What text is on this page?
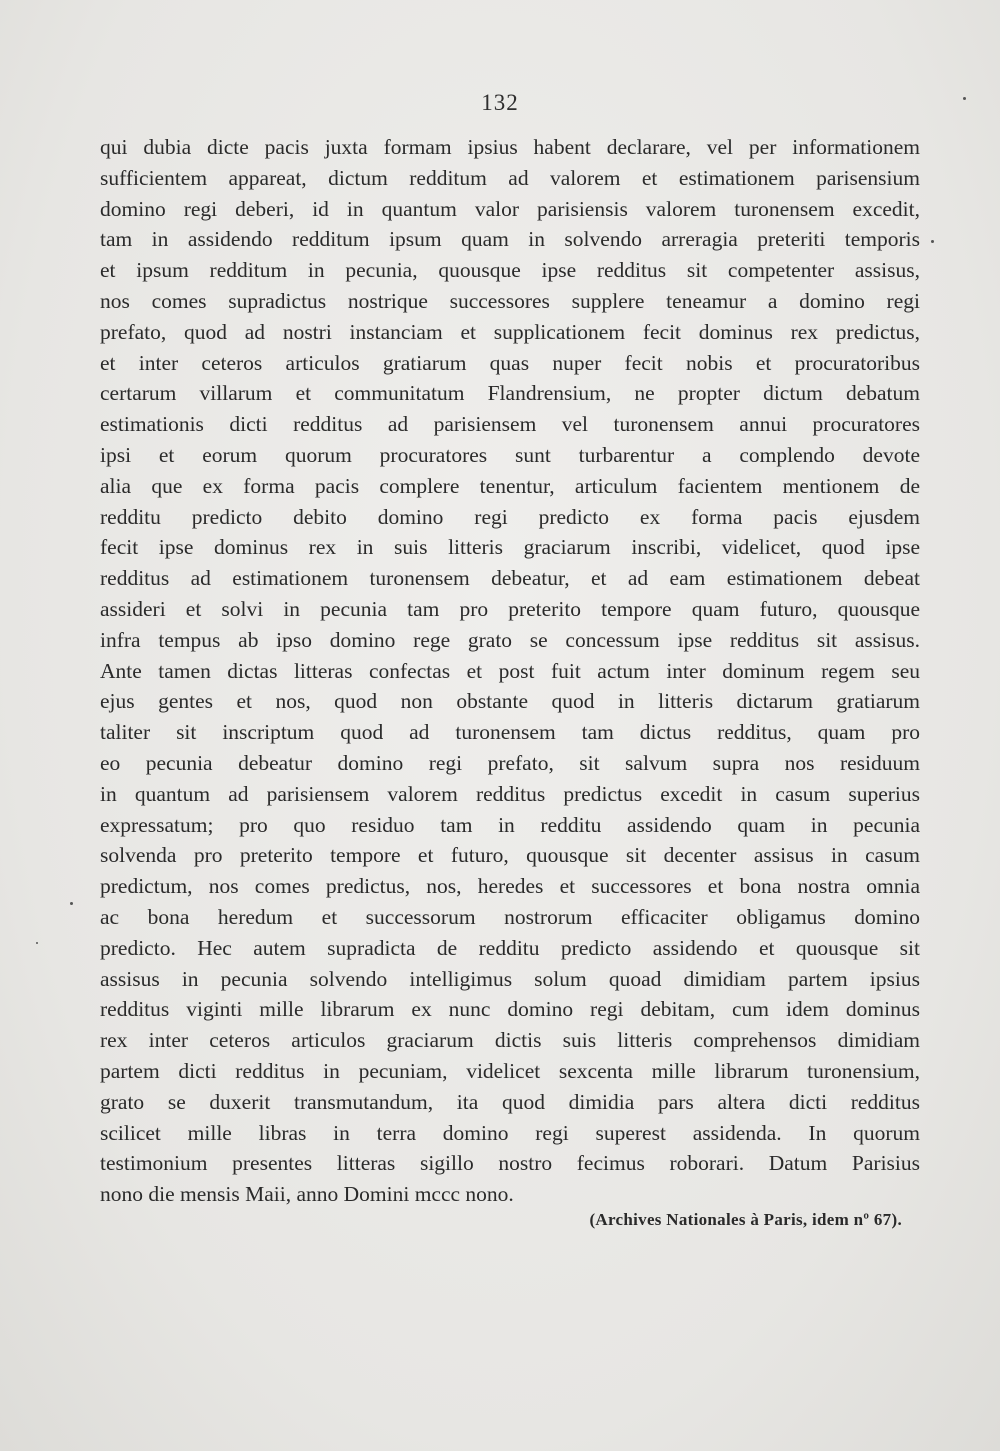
132
qui dubia dicte pacis juxta formam ipsius habent declarare, vel per informationem
sufficientem appareat, dictum redditum ad valorem et estimationem parisensium
domino regi deberi, id in quantum valor parisiensis valorem turonensem excedit,
tam in assidendo redditum ipsum quam in solvendo arreragia preteriti temporis
et ipsum redditum in pecunia, quousque ipse redditus sit competenter assisus,
nos comes supradictus nostrique successores supplere teneamur a domino regi
prefato, quod ad nostri instanciam et supplicationem fecit dominus rex predictus,
et inter ceteros articulos gratiarum quas nuper fecit nobis et procuratoribus
certarum villarum et communitatum Flandrensium, ne propter dictum debatum
estimationis dicti redditus ad parisiensem vel turonensem annui procuratores
ipsi et eorum quorum procuratores sunt turbarentur a complendo devote
alia que ex forma pacis complere tenentur, articulum facientem mentionem de
redditu predicto debito domino regi predicto ex forma pacis ejusdem
fecit ipse dominus rex in suis litteris graciarum inscribi, videlicet, quod ipse
redditus ad estimationem turonensem debeatur, et ad eam estimationem debeat
assideri et solvi in pecunia tam pro preterito tempore quam futuro, quousque
infra tempus ab ipso domino rege grato se concessum ipse redditus sit assisus.
Ante tamen dictas litteras confectas et post fuit actum inter dominum regem seu
ejus gentes et nos, quod non obstante quod in litteris dictarum gratiarum
taliter sit inscriptum quod ad turonensem tam dictus redditus, quam pro
eo pecunia debeatur domino regi prefato, sit salvum supra nos residuum
in quantum ad parisiensem valorem redditus predictus excedit in casum superius
expressatum; pro quo residuo tam in redditu assidendo quam in pecunia
solvenda pro preterito tempore et futuro, quousque sit decenter assisus in casum
predictum, nos comes predictus, nos, heredes et successores et bona nostra omnia
ac bona heredum et successorum nostrorum efficaciter obligamus domino
predicto. Hec autem supradicta de redditu predicto assidendo et quousque sit
assisus in pecunia solvendo intelligimus solum quoad dimidiam partem ipsius
redditus viginti mille librarum ex nunc domino regi debitam, cum idem dominus
rex inter ceteros articulos graciarum dictis suis litteris comprehensos dimidiam
partem dicti redditus in pecuniam, videlicet sexcenta mille librarum turonensium,
grato se duxerit transmutandum, ita quod dimidia pars altera dicti redditus
scilicet mille libras in terra domino regi superest assidenda. In quorum
testimonium presentes litteras sigillo nostro fecimus roborari. Datum Parisius
nono die mensis Maii, anno Domini mccc nono.
(Archives Nationales à Paris, idem nº 67).
